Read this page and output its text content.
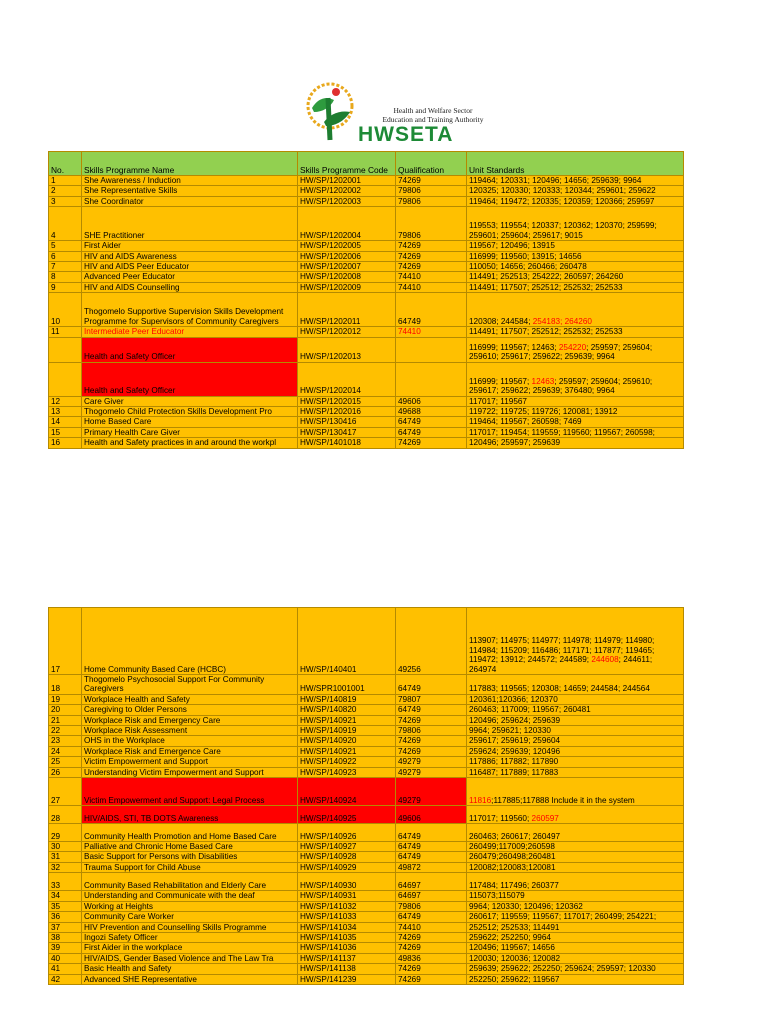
Health and Welfare Sector
Education and Training Authority
HWSETA
No.	Skills Programme Name	Skills Programme Code	Qualification	Unit Standards
1	She Awareness / Induction	HW/SP/1202001	74269	119464; 120331; 120496; 14656; 259639; 9964
2	She Representative Skills	HW/SP/1202002	79806	120325; 120330; 120333; 120344; 259601; 259622
3	She Coordinator	HW/SP/1202003	79806	119464; 119472; 120335; 120359; 120366; 259597
4	SHE Practitioner	HW/SP/1202004	79806	119553; 119554; 120337; 120362; 120370; 259599; 259601; 259604; 259617; 9015
5	First Aider	HW/SP/1202005	74269	119567; 120496; 13915
6	HIV and AIDS Awareness	HW/SP/1202006	74269	116999; 119560; 13915; 14656
7	HIV and AIDS Peer Educator	HW/SP/1202007	74269	110050; 14656; 260466; 260478
8	Advanced Peer Educator	HW/SP/1202008	74410	114491; 252513; 254222; 260597; 264260
9	HIV and AIDS Counselling	HW/SP/1202009	74410	114491; 117507; 252512; 252532; 252533
10	Thogomelo Supportive Supervision Skills Development Programme for Supervisors of Community Caregivers	HW/SP/1202011	64749	120308; 244584; 254183; 264260
11	Intermediate Peer Educator	HW/SP/1202012	74410	114491; 117507; 252512; 252532; 252533
	Health and Safety Officer	HW/SP/1202013		116999; 119567; 12463; 254220; 259597; 259604; 259610; 259617; 259622; 259639; 9964
	Health and Safety Officer	HW/SP/1202014		116999; 119567; 12463; 259597; 259604; 259610; 259617; 259622; 259639; 376480; 9964
12	Care Giver	HW/SP/1202015	49606	117017; 119567
13	Thogomelo Child Protection Skills Development Pro	HW/SP/1202016	49688	119722; 119725; 119726; 120081; 13912
14	Home Based Care	HW/SP/130416	64749	119464; 119567; 260598; 7469
15	Primary Health Care Giver	HW/SP/130417	64749	117017; 119454; 119559; 119560; 119567; 260598;
16	Health and Safety practices in and around the workpl	HW/SP/1401018	74269	120496; 259597; 259639
17	Home Community Based Care (HCBC)	HW/SP/140401	49256	113907; 114975; 114977; 114978; 114979; 114980; 114984; 115209; 116486; 117171; 117877; 119465; 119472; 13912; 244572; 244589; 244608; 244611; 264974
18	Thogomelo Psychosocial Support For Community Caregivers	HW/SPR1001001	64749	117883; 119565; 120308; 14659; 244584; 244564
19	Workplace Health and Safety	HW/SP/140819	79807	120361;120366; 120370
20	Caregiving to Older Persons	HW/SP/140820	64749	260463; 117009; 119567; 260481
21	Workplace Risk and Emergency Care	HW/SP/140921	74269	120496; 259624; 259639
22	Workplace Risk Assessment	HW/SP/140919	79806	9964; 259621; 120330
23	OHS in the Workplace	HW/SP/140920	74269	259617; 259619; 259604
24	Workplace Risk and Emergence Care	HW/SP/140921	74269	259624; 259639; 120496
25	Victim Empowerment and Support	HW/SP/140922	49279	117886; 117882; 117890
26	Understanding Victim Empowerment and Support	HW/SP/140923	49279	116487; 117889; 117883
27	Victim Empowerment and Support: Legal Process	HW/SP/140924	49279	11816;117885;117888 Include it in the system
28	HIV/AIDS, STI, TB DOTS Awareness	HW/SP/140925	49606	117017; 119560; 260597
29	Community Health Promotion and Home Based Care	HW/SP/140926	64749	260463; 260617; 260497
30	Palliative and Chronic Home Based Care	HW/SP/140927	64749	260499;117009;260598
31	Basic Support for Persons with Disabilities	HW/SP/140928	64749	260479;260498;260481
32	Trauma Support for Child Abuse	HW/SP/140929	49872	120082;120083;120081
33	Community Based Rehabilitation and Elderly Care	HW/SP/140930	64697	117484; 117496; 260377
34	Understanding and Communicate with the deaf	HW/SP/140931	64697	115073;115079
35	Working at Heights	HW/SP/141032	79806	9964; 120330; 120496; 120362
36	Community Care Worker	HW/SP/141033	64749	260617; 119559; 119567; 117017; 260499; 254221;
37	HIV Prevention and Counselling Skills Programme	HW/SP/141034	74410	252512; 252533; 114491
38	Ingozi Safety Officer	HW/SP/141035	74269	259622; 252250; 9964
39	First Aider in the workplace	HW/SP/141036	74269	120496; 119567; 14656
40	HIV/AIDS, Gender Based Violence and The Law Tra	HW/SP/141137	49836	120030; 120036; 120082
41	Basic Health and Safety	HW/SP/141138	74269	259639; 259622; 252250; 259624; 259597; 120330
42	Advanced SHE Representative	HW/SP/141239	74269	252250; 259622; 119567
